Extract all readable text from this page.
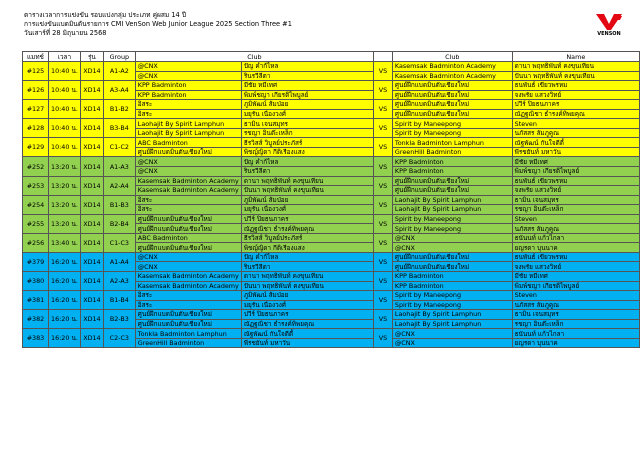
ตารางเวลาการแข่งขัน รอบแบ่งกลุ่ม ประเภท คู่ผสม 14 ปี
การแข่งขันแบดมินตันรายการ CMI VenSon Web Junior League 2025 Section Three #1
วันเสาร์ที่ 28 มิถุนายน 2568	VENSON
แมทช์	เวลา	รุ่น	Group	Club			Club	Name
#125	10:40 น.	XD14	A1-A2	@CNX	ปัญ คำก้ไหล	VS	Kasemsak Badminton Academy	ดานา พฤทธิพันท์ คงขุนเทียน
				@CNX	รินรวีลีตา		Kasemsak Badminton Academy	ปันนา พฤทธิพันท์ คงขุนเทียน
#126	10:40 น.	XD14	A3-A4	KPP Badminton	มีชัย หมีเทศ	VS	ศูนย์ฝึกแบดมินตันเชียงใหม่	ธนพันธ์ เขียวพรหม
				KPP Badminton	พิมพ์ชญา เกียรติไพบูลย์		ศูนย์ฝึกแบดมินตันเชียงใหม่	จงพรัย แสวงวิทย์
#127	10:40 น.	XD14	B1-B2	อิสระ	ภูมิพัฒน์ ส้มป่อย	VS	ศูนย์ฝึกแบดมินตันเชียงใหม่	ปวีร์ ปิยธนภาคร
				อิสระ	มยุรัน เนื่องวงศ์		ศูนย์ฝึกแบดมินตันเชียงใหม่	ณัฏฐณิชา ธำรงค์ทิพยคุณ
#128	10:40 น.	XD14	B3-B4	Laohajit By Spirit Lamphun	ธามิน เจนสมุทร	VS	Spirit by Maneepong	Steven
				Laohajit By Spirit Lamphun	รชญา อินต๊ะเหล็ก		Spirit by Maneepong	นภัสสร ลัมภูคูณ
#129	10:40 น.	XD14	C1-C2	ABC Badminton	ธีรวิสส์ วิบูลย์ประภัสร์	VS	Tonkla Badminton Lamphun	ณัฐพัฒน์ กันใจดีดี้
				ศูนย์ฝึกแบดมินตันเชียงใหม่	พิชญ์ญิดา กีติเรืองแสง		GreenHill Badminton	พีรชยันท์ มหาวัน
#252	13:20 น.	XD14	A1-A3	@CNX	ปัญ คำก้ไหล	VS	KPP Badminton	มีชัย หมีเทศ
				@CNX	รินรวีลีตา		KPP Badminton	พิมพ์ชญา เกียรติไพบูลย์
#253	13:20 น.	XD14	A2-A4	Kasemsak Badminton Academy	ดานา พฤทธิพันท์ คงขุนเทียน	VS	ศูนย์ฝึกแบดมินตันเชียงใหม่	ธนพันธ์ เขียวพรหม
				Kasemsak Badminton Academy	ปันนา พฤทธิพันท์ คงขุนเทียน		ศูนย์ฝึกแบดมินตันเชียงใหม่	จงพรัย แสวงวิทย์
#254	13:20 น.	XD14	B1-B3	อิสระ	ภูมิพัฒน์ ส้มป่อย	VS	Laohajit By Spirit Lamphun	ธามิน เจนสมุทร
				อิสระ	มยุรัน เนื่องวงศ์		Laohajit By Spirit Lamphun	รชญา อินต๊ะเหล็ก
#255	13:20 น.	XD14	B2-B4	ศูนย์ฝึกแบดมินตันเชียงใหม่	ปวีร์ ปิยธนภาคร	VS	Spirit by Maneepong	Steven
				ศูนย์ฝึกแบดมินตันเชียงใหม่	ณัฏฐณิชา ธำรงค์ทิพยคุณ		Spirit by Maneepong	นภัสสร ลัมภูคูณ
#256	13:40 น.	XD14	C1-C3	ABC Badminton	ธีรวิสส์ วิบูลย์ประภัสร์	VS	@CNX	ธนันนท์ แก้วไกลา
				ศูนย์ฝึกแบดมินตันเชียงใหม่	พิชญ์ญิดา กีติเรืองแสง		@CNX	ยญรดา บุนนาค
#379	16:20 น.	XD14	A1-A4	@CNX	ปัญ คำก้ไหล	VS	ศูนย์ฝึกแบดมินตันเชียงใหม่	ธนพันธ์ เขียวพรหม
				@CNX	รินรวีลีตา		ศูนย์ฝึกแบดมินตันเชียงใหม่	จงพรัย แสวงวิทย์
#380	16:20 น.	XD14	A2-A3	Kasemsak Badminton Academy	ดานา พฤทธิพันท์ คงขุนเทียน	VS	KPP Badminton	มีชัย หมีเทศ
				Kasemsak Badminton Academy	ปันนา พฤทธิพันท์ คงขุนเทียน		KPP Badminton	พิมพ์ชญา เกียรติไพบูลย์
#381	16:20 น.	XD14	B1-B4	อิสระ	ภูมิพัฒน์ ส้มป่อย	VS	Spirit by Maneepong	Steven
				อิสระ	มยุรัน เนื่องวงศ์		Spirit by Maneepong	นภัสสร ลัมภูคูณ
#382	16:20 น.	XD14	B2-B3	ศูนย์ฝึกแบดมินตันเชียงใหม่	ปวีร์ ปิยธนภาคร	VS	Laohajit By Spirit Lamphun	ธามิน เจนสมุทร
				ศูนย์ฝึกแบดมินตันเชียงใหม่	ณัฏฐณิชา ธำรงค์ทิพยคุณ		Laohajit By Spirit Lamphun	รชญา อินต๊ะเหล็ก
#383	16:20 น.	XD14	C2-C3	Tonkla Badminton Lamphun	ณัฐพัฒน์ กันใจดีดี้	VS	@CNX	ธนันนท์ แก้วไกลา
				GreenHill Badminton	พีรชยันท์ มหาวัน		@CNX	ยญรดา บุนนาค
